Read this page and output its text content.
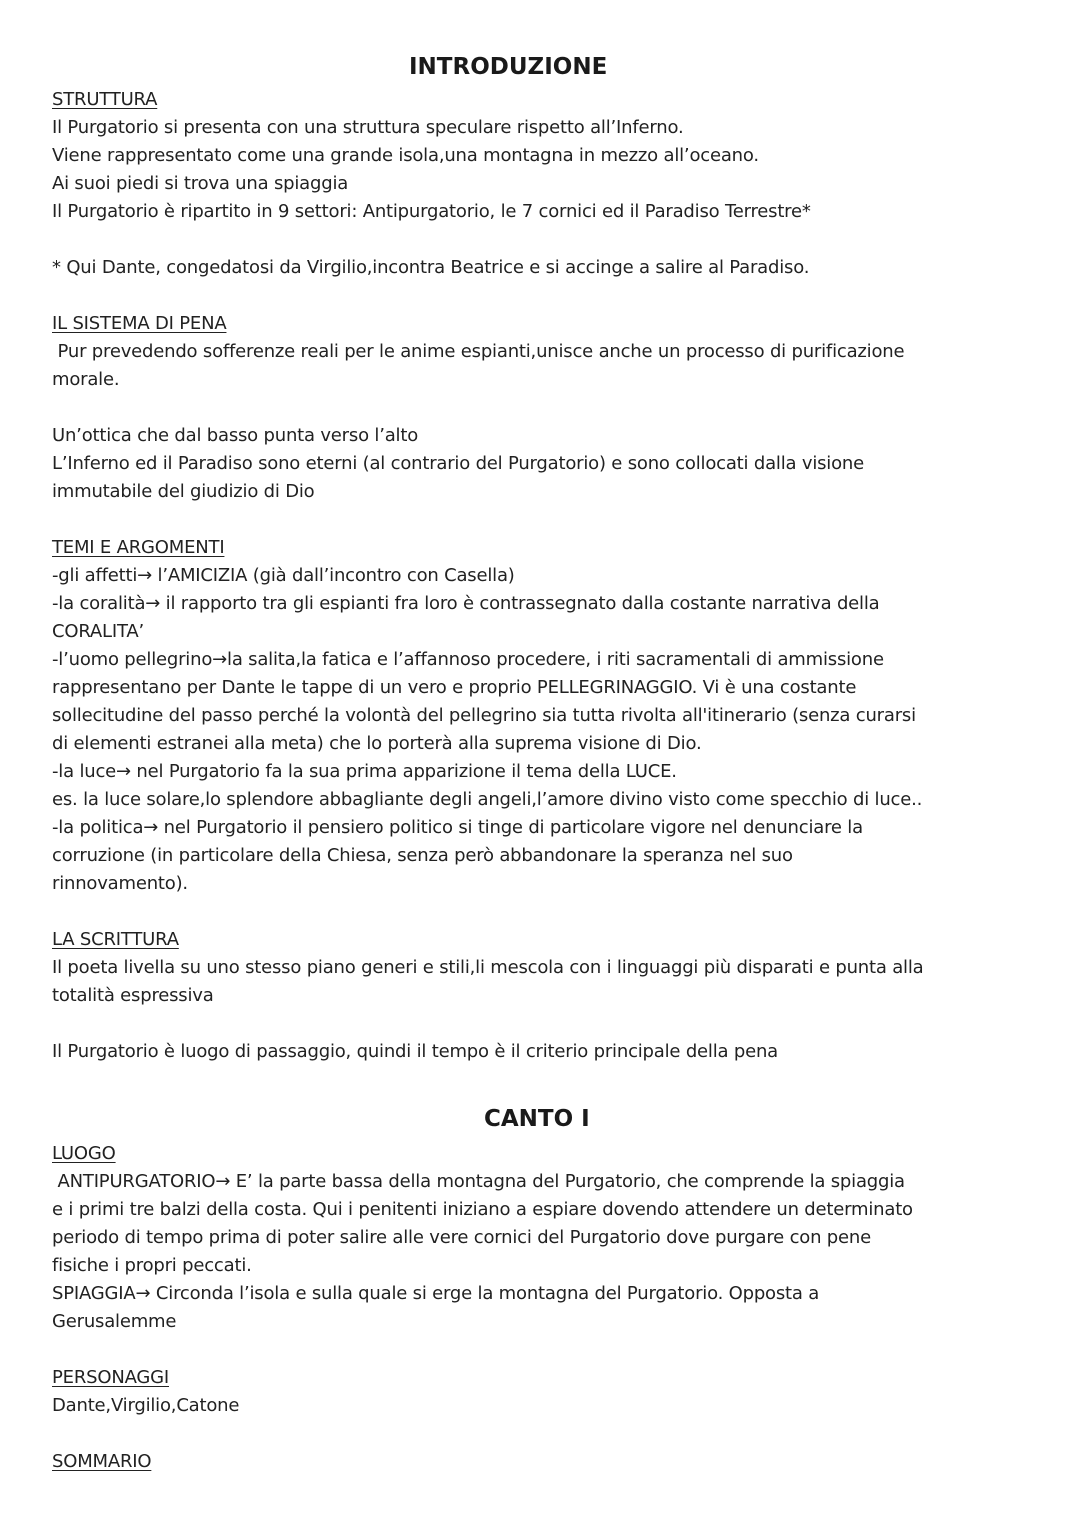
INTRODUZIONE
STRUTTURA
Il Purgatorio si presenta con una struttura speculare rispetto all’Inferno.
Viene rappresentato come una grande isola,una montagna in mezzo all’oceano.
Ai suoi piedi si trova una spiaggia
Il Purgatorio è ripartito in 9 settori: Antipurgatorio, le 7 cornici ed il Paradiso Terrestre*
* Qui Dante, congedatosi da Virgilio,incontra Beatrice e si accinge a salire al Paradiso.
IL SISTEMA DI PENA
Pur prevedendo sofferenze reali per le anime espianti,unisce anche un processo di purificazione
morale.
Un’ottica che dal basso punta verso l’alto
L’Inferno ed il Paradiso sono eterni (al contrario del Purgatorio) e sono collocati dalla visione
immutabile del giudizio di Dio
TEMI E ARGOMENTI
-gli affetti→ l’AMICIZIA (già dall’incontro con Casella)
-la coralità→ il rapporto tra gli espianti fra loro è contrassegnato dalla costante narrativa della
CORALITA’
-l’uomo pellegrino→la salita,la fatica e l’affannoso procedere, i riti sacramentali di ammissione
rappresentano per Dante le tappe di un vero e proprio PELLEGRINAGGIO. Vi è una costante
sollecitudine del passo perché la volontà del pellegrino sia tutta rivolta all'itinerario (senza curarsi
di elementi estranei alla meta) che lo porterà alla suprema visione di Dio.
-la luce→ nel Purgatorio fa la sua prima apparizione il tema della LUCE.
es. la luce solare,lo splendore abbagliante degli angeli,l’amore divino visto come specchio di luce..
-la politica→ nel Purgatorio il pensiero politico si tinge di particolare vigore nel denunciare la
corruzione (in particolare della Chiesa, senza però abbandonare la speranza nel suo
rinnovamento).
LA SCRITTURA
Il poeta livella su uno stesso piano generi e stili,li mescola con i linguaggi più disparati e punta alla
totalità espressiva
Il Purgatorio è luogo di passaggio, quindi il tempo è il criterio principale della pena
CANTO I
LUOGO
ANTIPURGATORIO→ E’ la parte bassa della montagna del Purgatorio, che comprende la spiaggia
e i primi tre balzi della costa. Qui i penitenti iniziano a espiare dovendo attendere un determinato
periodo di tempo prima di poter salire alle vere cornici del Purgatorio dove purgare con pene
fisiche i propri peccati.
SPIAGGIA→ Circonda l’isola e sulla quale si erge la montagna del Purgatorio. Opposta a
Gerusalemme
PERSONAGGI
Dante,Virgilio,Catone
SOMMARIO
